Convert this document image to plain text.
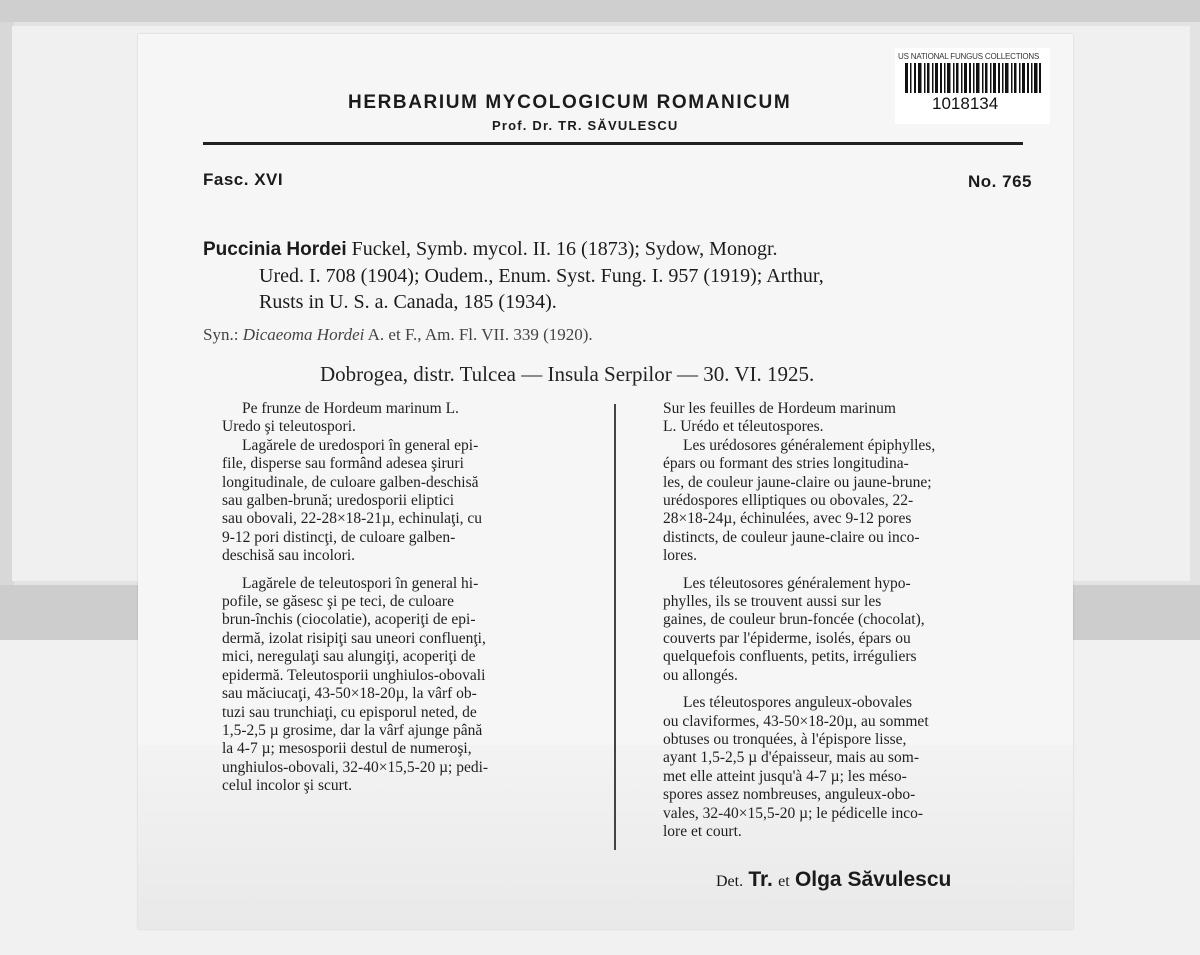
US NATIONAL FUNGUS COLLECTIONS
1018134
HERBARIUM MYCOLOGICUM ROMANICUM
Prof. Dr. TR. SĂVULESCU
Fasc. XVI	No. 765
Puccinia Hordei Fuckel, Symb. mycol. II. 16 (1873); Sydow, Monogr.
Ured. I. 708 (1904); Oudem., Enum. Syst. Fung. I. 957 (1919); Arthur,
Rusts in U. S. a. Canada, 185 (1934).
Syn.: Dicaeoma Hordei A. et F., Am. Fl. VII. 339 (1920).
Dobrogea, distr. Tulcea — Insula Serpilor — 30. VI. 1925.
Pe frunze de Hordeum marinum L.
Uredo şi teleutospori.
Lagărele de uredospori în general epi-
file, disperse sau formând adesea şiruri
longitudinale, de culoare galben-deschisă
sau galben-brună; uredosporii eliptici
sau obovali, 22-28×18-21µ, echinulaţi, cu
9-12 pori distincţi, de culoare galben-
deschisă sau incolori.
Lagărele de teleutospori în general hi-
pofile, se găsesc şi pe teci, de culoare
brun-închis (ciocolatie), acoperiţi de epi-
dermă, izolat risipiţi sau uneori confluenţi,
mici, neregulaţi sau alungiţi, acoperiţi de
epidermă. Teleutosporii unghiulos-obovali
sau măciucaţi, 43-50×18-20µ, la vârf ob-
tuzi sau trunchiaţi, cu episporul neted, de
1,5-2,5 µ grosime, dar la vârf ajunge până
la 4-7 µ; mesosporii destul de numeroşi,
unghiulos-obovali, 32-40×15,5-20 µ; pedi-
celul incolor şi scurt.
Sur les feuilles de Hordeum marinum
L. Urédo et téleutospores.
Les urédosores généralement épiphylles,
épars ou formant des stries longitudina-
les, de couleur jaune-claire ou jaune-brune;
urédospores elliptiques ou obovales, 22-
28×18-24µ, échinulées, avec 9-12 pores
distincts, de couleur jaune-claire ou inco-
lores.
Les téleutosores généralement hypo-
phylles, ils se trouvent aussi sur les
gaines, de couleur brun-foncée (chocolat),
couverts par l'épiderme, isolés, épars ou
quelquefois confluents, petits, irréguliers
ou allongés.
Les téleutospores anguleux-obovales
ou claviformes, 43-50×18-20µ, au sommet
obtuses ou tronquées, à l'épispore lisse,
ayant 1,5-2,5 µ d'épaisseur, mais au som-
met elle atteint jusqu'à 4-7 µ; les méso-
spores assez nombreuses, anguleux-obo-
vales, 32-40×15,5-20 µ; le pédicelle inco-
lore et court.
Det. Tr. et Olga Săvulescu
